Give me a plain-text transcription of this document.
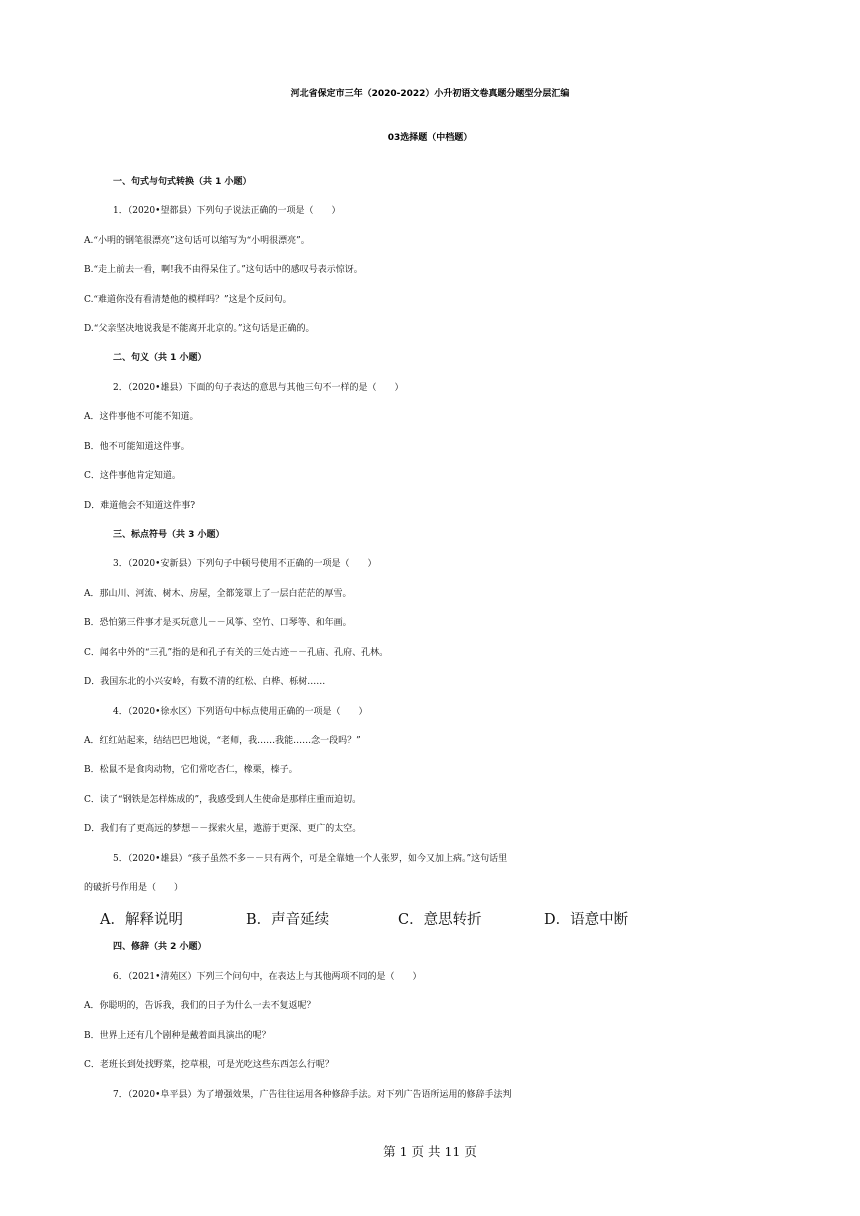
河北省保定市三年（2020-2022）小升初语文卷真题分题型分层汇编
03选择题（中档题）
一、句式与句式转换（共 1 小题）
1．（2020•望都县）下列句子说法正确的一项是（　　）
A.“小明的钢笔很漂亮”这句话可以缩写为“小明很漂亮”。
B.“走上前去一看，啊!我不由得呆住了。”这句话中的感叹号表示惊讶。
C.“难道你没有看清楚他的模样吗？”这是个反问句。
D.“父亲坚决地说我是不能离开北京的。”这句话是正确的。
二、句义（共 1 小题）
2．（2020•雄县）下面的句子表达的意思与其他三句不一样的是（　　）
A．这件事他不可能不知道。
B．他不可能知道这件事。
C．这件事他肯定知道。
D．难道他会不知道这件事?
三、标点符号（共 3 小题）
3．（2020•安新县）下列句子中顿号使用不正确的一项是（　　）
A．那山川、河流、树木、房屋，全都笼罩上了一层白茫茫的厚雪。
B．恐怕第三件事才是买玩意儿－－风筝、空竹、口琴等、和年画。
C．闻名中外的“三孔”指的是和孔子有关的三处古迹－－孔庙、孔府、孔林。
D．我国东北的小兴安岭，有数不清的红松、白桦、栎树……
4．（2020•徐水区）下列语句中标点使用正确的一项是（　　）
A．红红站起来，结结巴巴地说，“老师，我……我能……念一段吗？”
B．松鼠不是食肉动物，它们常吃杏仁，橡栗，榛子。
C．读了“钢铁是怎样炼成的”，我感受到人生使命是那样庄重而迫切。
D．我们有了更高远的梦想－－探索火星，遨游于更深、更广的太空。
5．（2020•雄县）“孩子虽然不多－－只有两个，可是全靠她一个人张罗，如今又加上病。”这句话里
的破折号作用是（　　）
A．解释说明	B．声音延续	C．意思转折	D．语意中断
四、修辞（共 2 小题）
6．（2021•清苑区）下列三个问句中，在表达上与其他两项不同的是（　　）
A．你聪明的，告诉我，我们的日子为什么一去不复返呢？
B．世界上还有几个剧种是戴着面具演出的呢？
C．老班长到处找野菜，挖草根，可是光吃这些东西怎么行呢？
7．（2020•阜平县）为了增强效果，广告往往运用各种修辞手法。对下列广告语所运用的修辞手法判
第 1 页 共 11 页
